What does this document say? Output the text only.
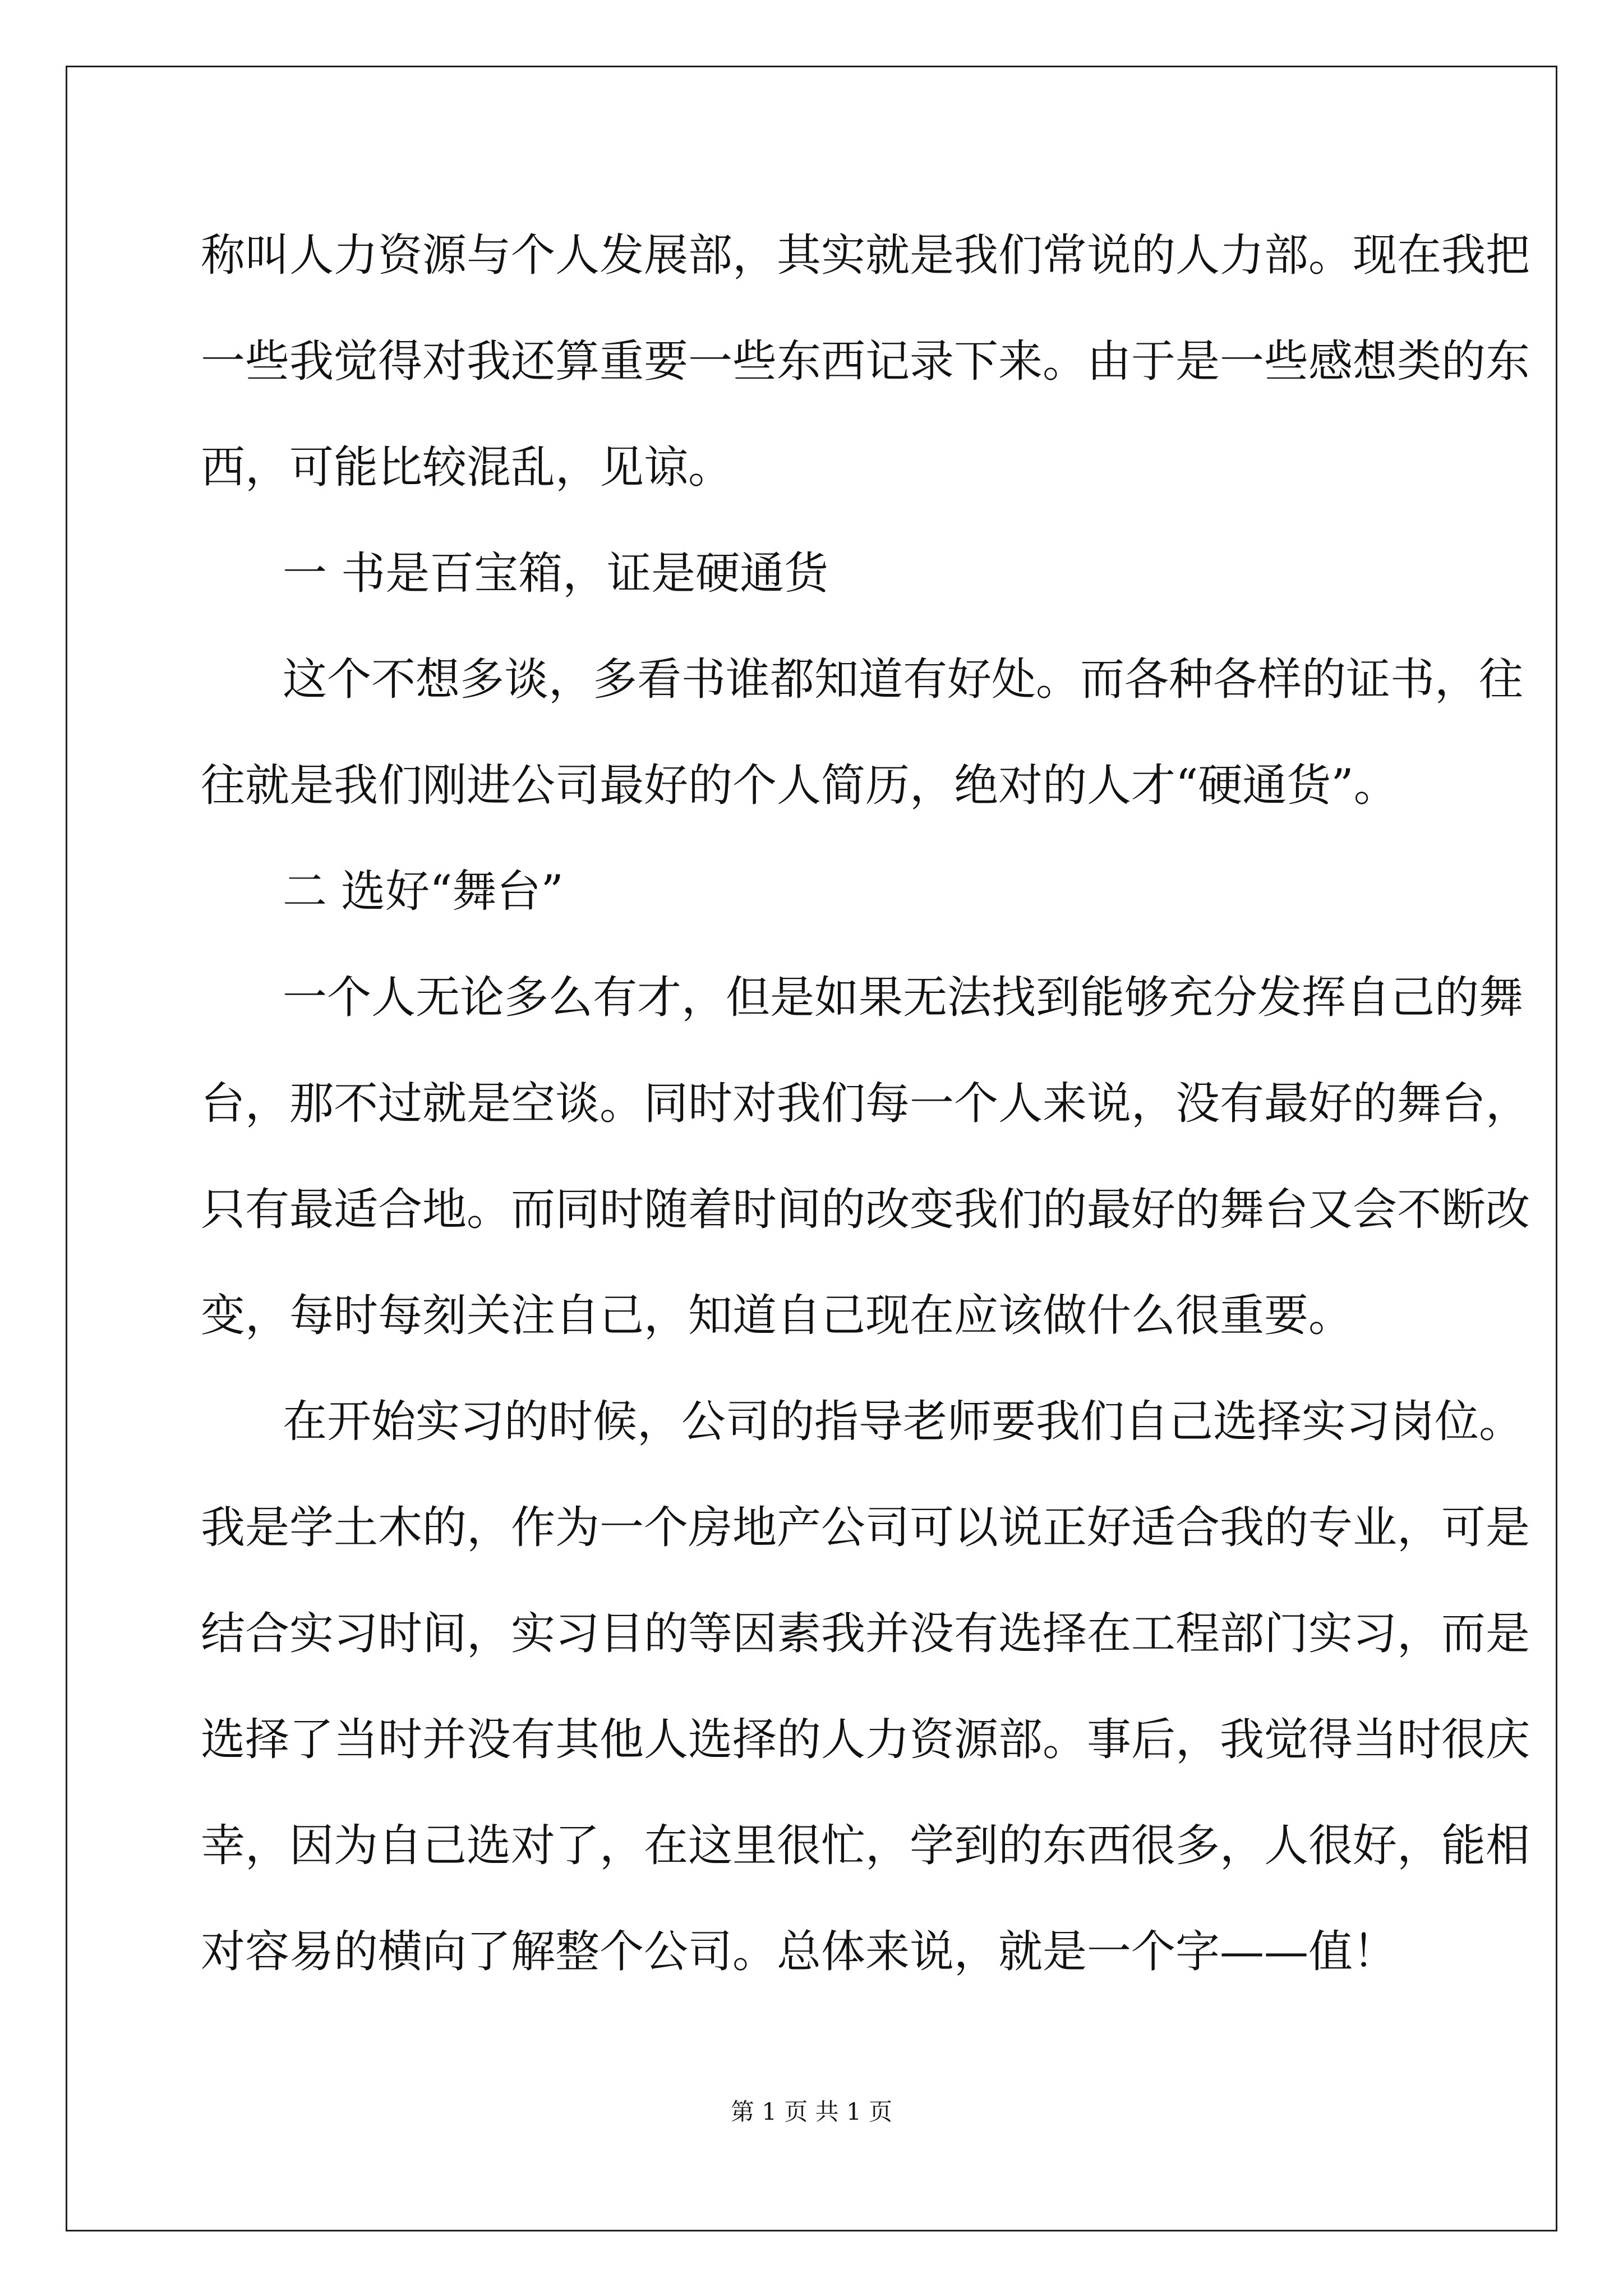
称叫人力资源与个人发展部，其实就是我们常说的人力部。现在我把
一些我觉得对我还算重要一些东西记录下来。由于是一些感想类的东
西，可能比较混乱，见谅。
一 书是百宝箱，证是硬通货
这个不想多谈，多看书谁都知道有好处。而各种各样的证书，往
往就是我们刚进公司最好的个人简历，绝对的人才“硬通货”。
二 选好“舞台”
一个人无论多么有才，但是如果无法找到能够充分发挥自己的舞
台，那不过就是空谈。同时对我们每一个人来说，没有最好的舞台，
只有最适合地。而同时随着时间的改变我们的最好的舞台又会不断改
变，每时每刻关注自己，知道自己现在应该做什么很重要。
在开始实习的时候，公司的指导老师要我们自己选择实习岗位。
我是学土木的，作为一个房地产公司可以说正好适合我的专业，可是
结合实习时间，实习目的等因素我并没有选择在工程部门实习，而是
选择了当时并没有其他人选择的人力资源部。事后，我觉得当时很庆
幸，因为自己选对了，在这里很忙，学到的东西很多，人很好，能相
对容易的横向了解整个公司。总体来说，就是一个字——值！
第 1 页 共 1 页
